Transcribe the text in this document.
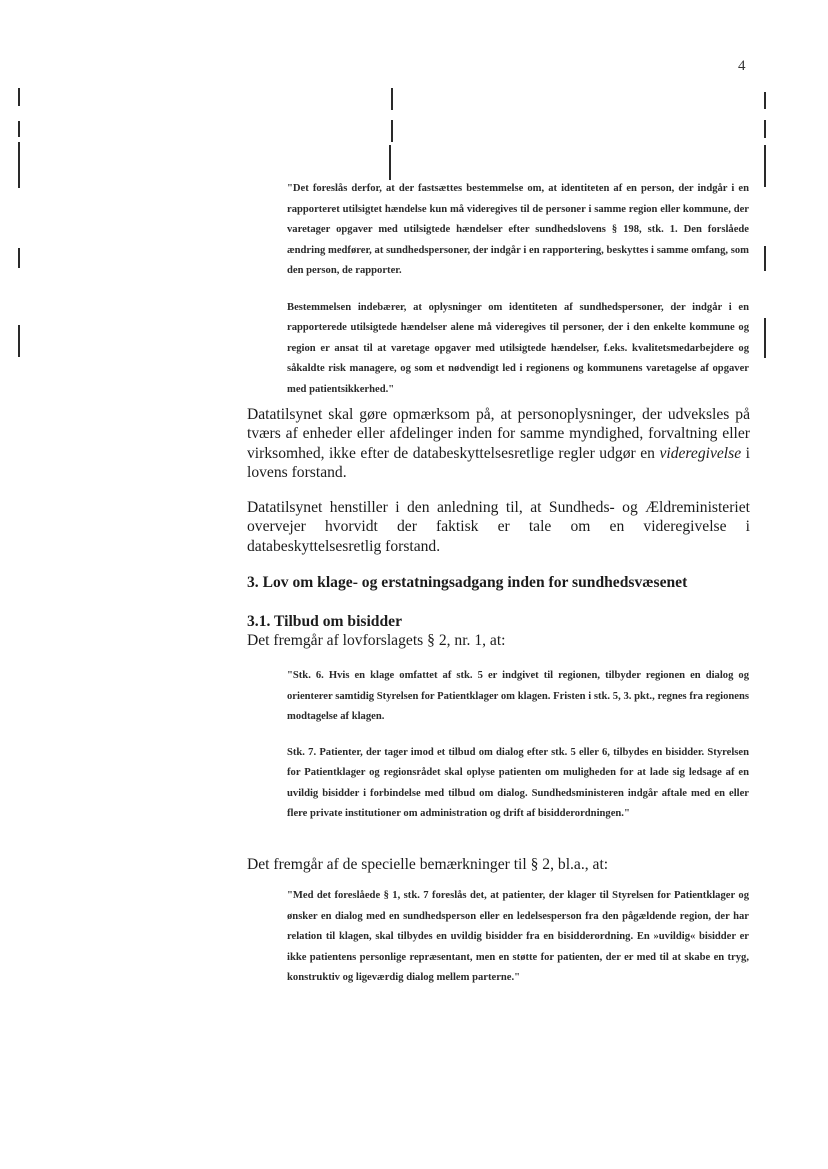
4

"Det foreslås derfor, at der fastsættes bestemmelse om, at identiteten af en person, der indgår i en rapporteret utilsigtet hændelse kun må videregives til de personer i samme region eller kommune, der varetager opgaver med utilsigtede hændelser efter sundhedslovens § 198, stk. 1. Den forslåede ændring medfører, at sundhedspersoner, der indgår i en rapportering, beskyttes i samme omfang, som den person, de rapporter.

Bestemmelsen indebærer, at oplysninger om identiteten af sundhedspersoner, der indgår i en rapporterede utilsigtede hændelser alene må videregives til personer, der i den enkelte kommune og region er ansat til at varetage opgaver med utilsigtede hændelser, f.eks. kvalitetsmedarbejdere og såkaldte risk managere, og som et nødvendigt led i regionens og kommunens varetagelse af opgaver med patientsikkerhed."

Datatilsynet skal gøre opmærksom på, at personoplysninger, der udveksles på tværs af enheder eller afdelinger inden for samme myndighed, forvaltning eller virksomhed, ikke efter de databeskyttelsesretlige regler udgør en videregivelse i lovens forstand.

Datatilsynet henstiller i den anledning til, at Sundheds- og Ældreministeriet overvejer hvorvidt der faktisk er tale om en videregivelse i databeskyttelsesretlig forstand.

3. Lov om klage- og erstatningsadgang inden for sundhedsvæsenet
3.1. Tilbud om bisidder

Det fremgår af lovforslagets § 2, nr. 1, at:

"Stk. 6. Hvis en klage omfattet af stk. 5 er indgivet til regionen, tilbyder regionen en dialog og orienterer samtidig Styrelsen for Patientklager om klagen. Fristen i stk. 5, 3. pkt., regnes fra regionens modtagelse af klagen.

Stk. 7. Patienter, der tager imod et tilbud om dialog efter stk. 5 eller 6, tilbydes en bisidder. Styrelsen for Patientklager og regionsrådet skal oplyse patienten om muligheden for at lade sig ledsage af en uvildig bisidder i forbindelse med tilbud om dialog. Sundhedsministeren indgår aftale med en eller flere private institutioner om administration og drift af bisidderordningen."

Det fremgår af de specielle bemærkninger til § 2, bl.a., at:

"Med det foreslåede § 1, stk. 7 foreslås det, at patienter, der klager til Styrelsen for Patientklager og ønsker en dialog med en sundhedsperson eller en ledelsesperson fra den pågældende region, der har relation til klagen, skal tilbydes en uvildig bisidder fra en bisidderordning. En »uvildig« bisidder er ikke patientens personlige repræsentant, men en støtte for patienten, der er med til at skabe en tryg, konstruktiv og ligeværdig dialog mellem parterne."
